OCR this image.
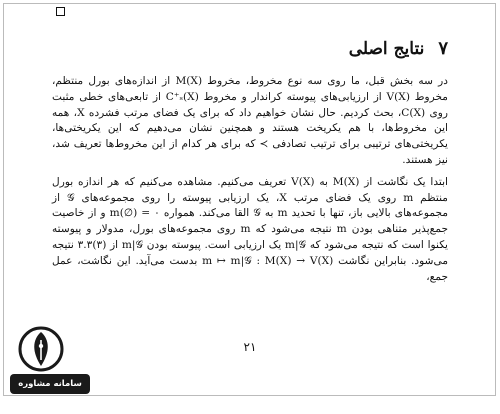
۷
نتایج اصلی

در سه بخش قبل، ما روی سه نوع مخروط، مخروط M(X) از اندازه‌های بورل منتظم، مخروط V(X) از ارزیابی‌های پیوسته کراندار و مخروط C⁺ₛ(X) از تابعی‌های خطی مثبت روی C(X)، بحث کردیم. حال نشان خواهیم داد که برای یک فضای مرتب فشرده X، همه این مخروط‌ها، با هم یکریخت هستند و همچنین نشان می‌دهیم که این یکریختی‌ها، یکریختی‌های ترتیبی برای ترتیب تصادفی ≻ که برای هر کدام از این مخروط‌ها تعریف شد، نیز هستند.

ابتدا یک نگاشت از M(X) به V(X) تعریف می‌کنیم. مشاهده می‌کنیم که هر اندازه بورل منتظم m روی یک فضای مرتب X، یک ارزیابی پیوسته را روی مجموعه‌های 𝒢 از مجموعه‌های بالایی باز، تنها با تحدید m به 𝒢 القا می‌کند. همواره m(∅) = ۰ و از خاصیت جمع‌پذیر متناهی بودن m نتیجه می‌شود که m روی مجموعه‌های بورل، مدولار و پیوسته یکنوا است که نتیجه می‌شود که m|𝒢 یک ارزیابی است. پیوسته بودن m|𝒢 از (۳)۳.۳ نتیجه می‌شود. بنابراین نگاشت m ↦ m|𝒢 : M(X) → V(X) بدست می‌آید. این نگاشت، عمل جمع،

۲۱
سامانه مشاوره هیوا
